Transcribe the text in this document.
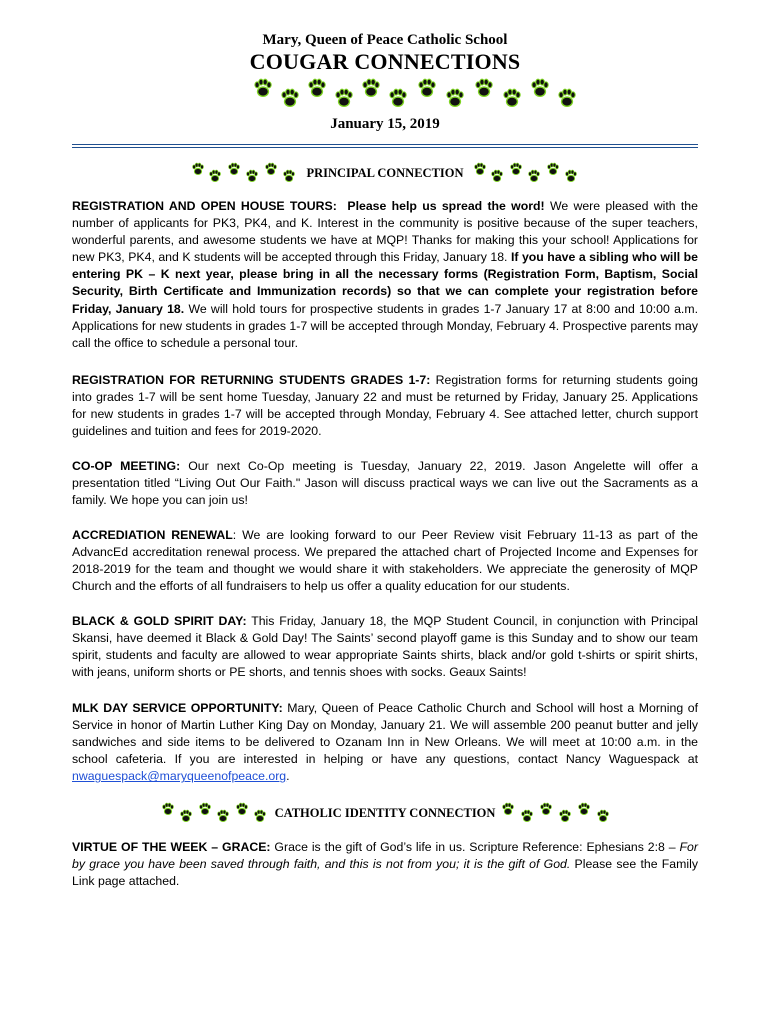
Mary, Queen of Peace Catholic School
COUGAR CONNECTIONS
January 15, 2019
PRINCIPAL CONNECTION

REGISTRATION AND OPEN HOUSE TOURS: Please help us spread the word! We were pleased with the number of applicants for PK3, PK4, and K. Interest in the community is positive because of the super teachers, wonderful parents, and awesome students we have at MQP! Thanks for making this your school! Applications for new PK3, PK4, and K students will be accepted through this Friday, January 18. If you have a sibling who will be entering PK – K next year, please bring in all the necessary forms (Registration Form, Baptism, Social Security, Birth Certificate and Immunization records) so that we can complete your registration before Friday, January 18. We will hold tours for prospective students in grades 1-7 January 17 at 8:00 and 10:00 a.m. Applications for new students in grades 1-7 will be accepted through Monday, February 4. Prospective parents may call the office to schedule a personal tour.

REGISTRATION FOR RETURNING STUDENTS GRADES 1-7: Registration forms for returning students going into grades 1-7 will be sent home Tuesday, January 22 and must be returned by Friday, January 25. Applications for new students in grades 1-7 will be accepted through Monday, February 4. See attached letter, church support guidelines and tuition and fees for 2019-2020.

CO-OP MEETING: Our next Co-Op meeting is Tuesday, January 22, 2019. Jason Angelette will offer a presentation titled “Living Out Our Faith." Jason will discuss practical ways we can live out the Sacraments as a family. We hope you can join us!

ACCREDIATION RENEWAL: We are looking forward to our Peer Review visit February 11-13 as part of the AdvancEd accreditation renewal process. We prepared the attached chart of Projected Income and Expenses for 2018-2019 for the team and thought we would share it with stakeholders. We appreciate the generosity of MQP Church and the efforts of all fundraisers to help us offer a quality education for our students.

BLACK & GOLD SPIRIT DAY: This Friday, January 18, the MQP Student Council, in conjunction with Principal Skansi, have deemed it Black & Gold Day! The Saints’ second playoff game is this Sunday and to show our team spirit, students and faculty are allowed to wear appropriate Saints shirts, black and/or gold t-shirts or spirit shirts, with jeans, uniform shorts or PE shorts, and tennis shoes with socks. Geaux Saints!

MLK DAY SERVICE OPPORTUNITY: Mary, Queen of Peace Catholic Church and School will host a Morning of Service in honor of Martin Luther King Day on Monday, January 21. We will assemble 200 peanut butter and jelly sandwiches and side items to be delivered to Ozanam Inn in New Orleans. We will meet at 10:00 a.m. in the school cafeteria. If you are interested in helping or have any questions, contact Nancy Waguespack at nwaguespack@maryqueenofpeace.org.

CATHOLIC IDENTITY CONNECTION

VIRTUE OF THE WEEK – GRACE: Grace is the gift of God’s life in us. Scripture Reference: Ephesians 2:8 – For by grace you have been saved through faith, and this is not from you; it is the gift of God. Please see the Family Link page attached.
